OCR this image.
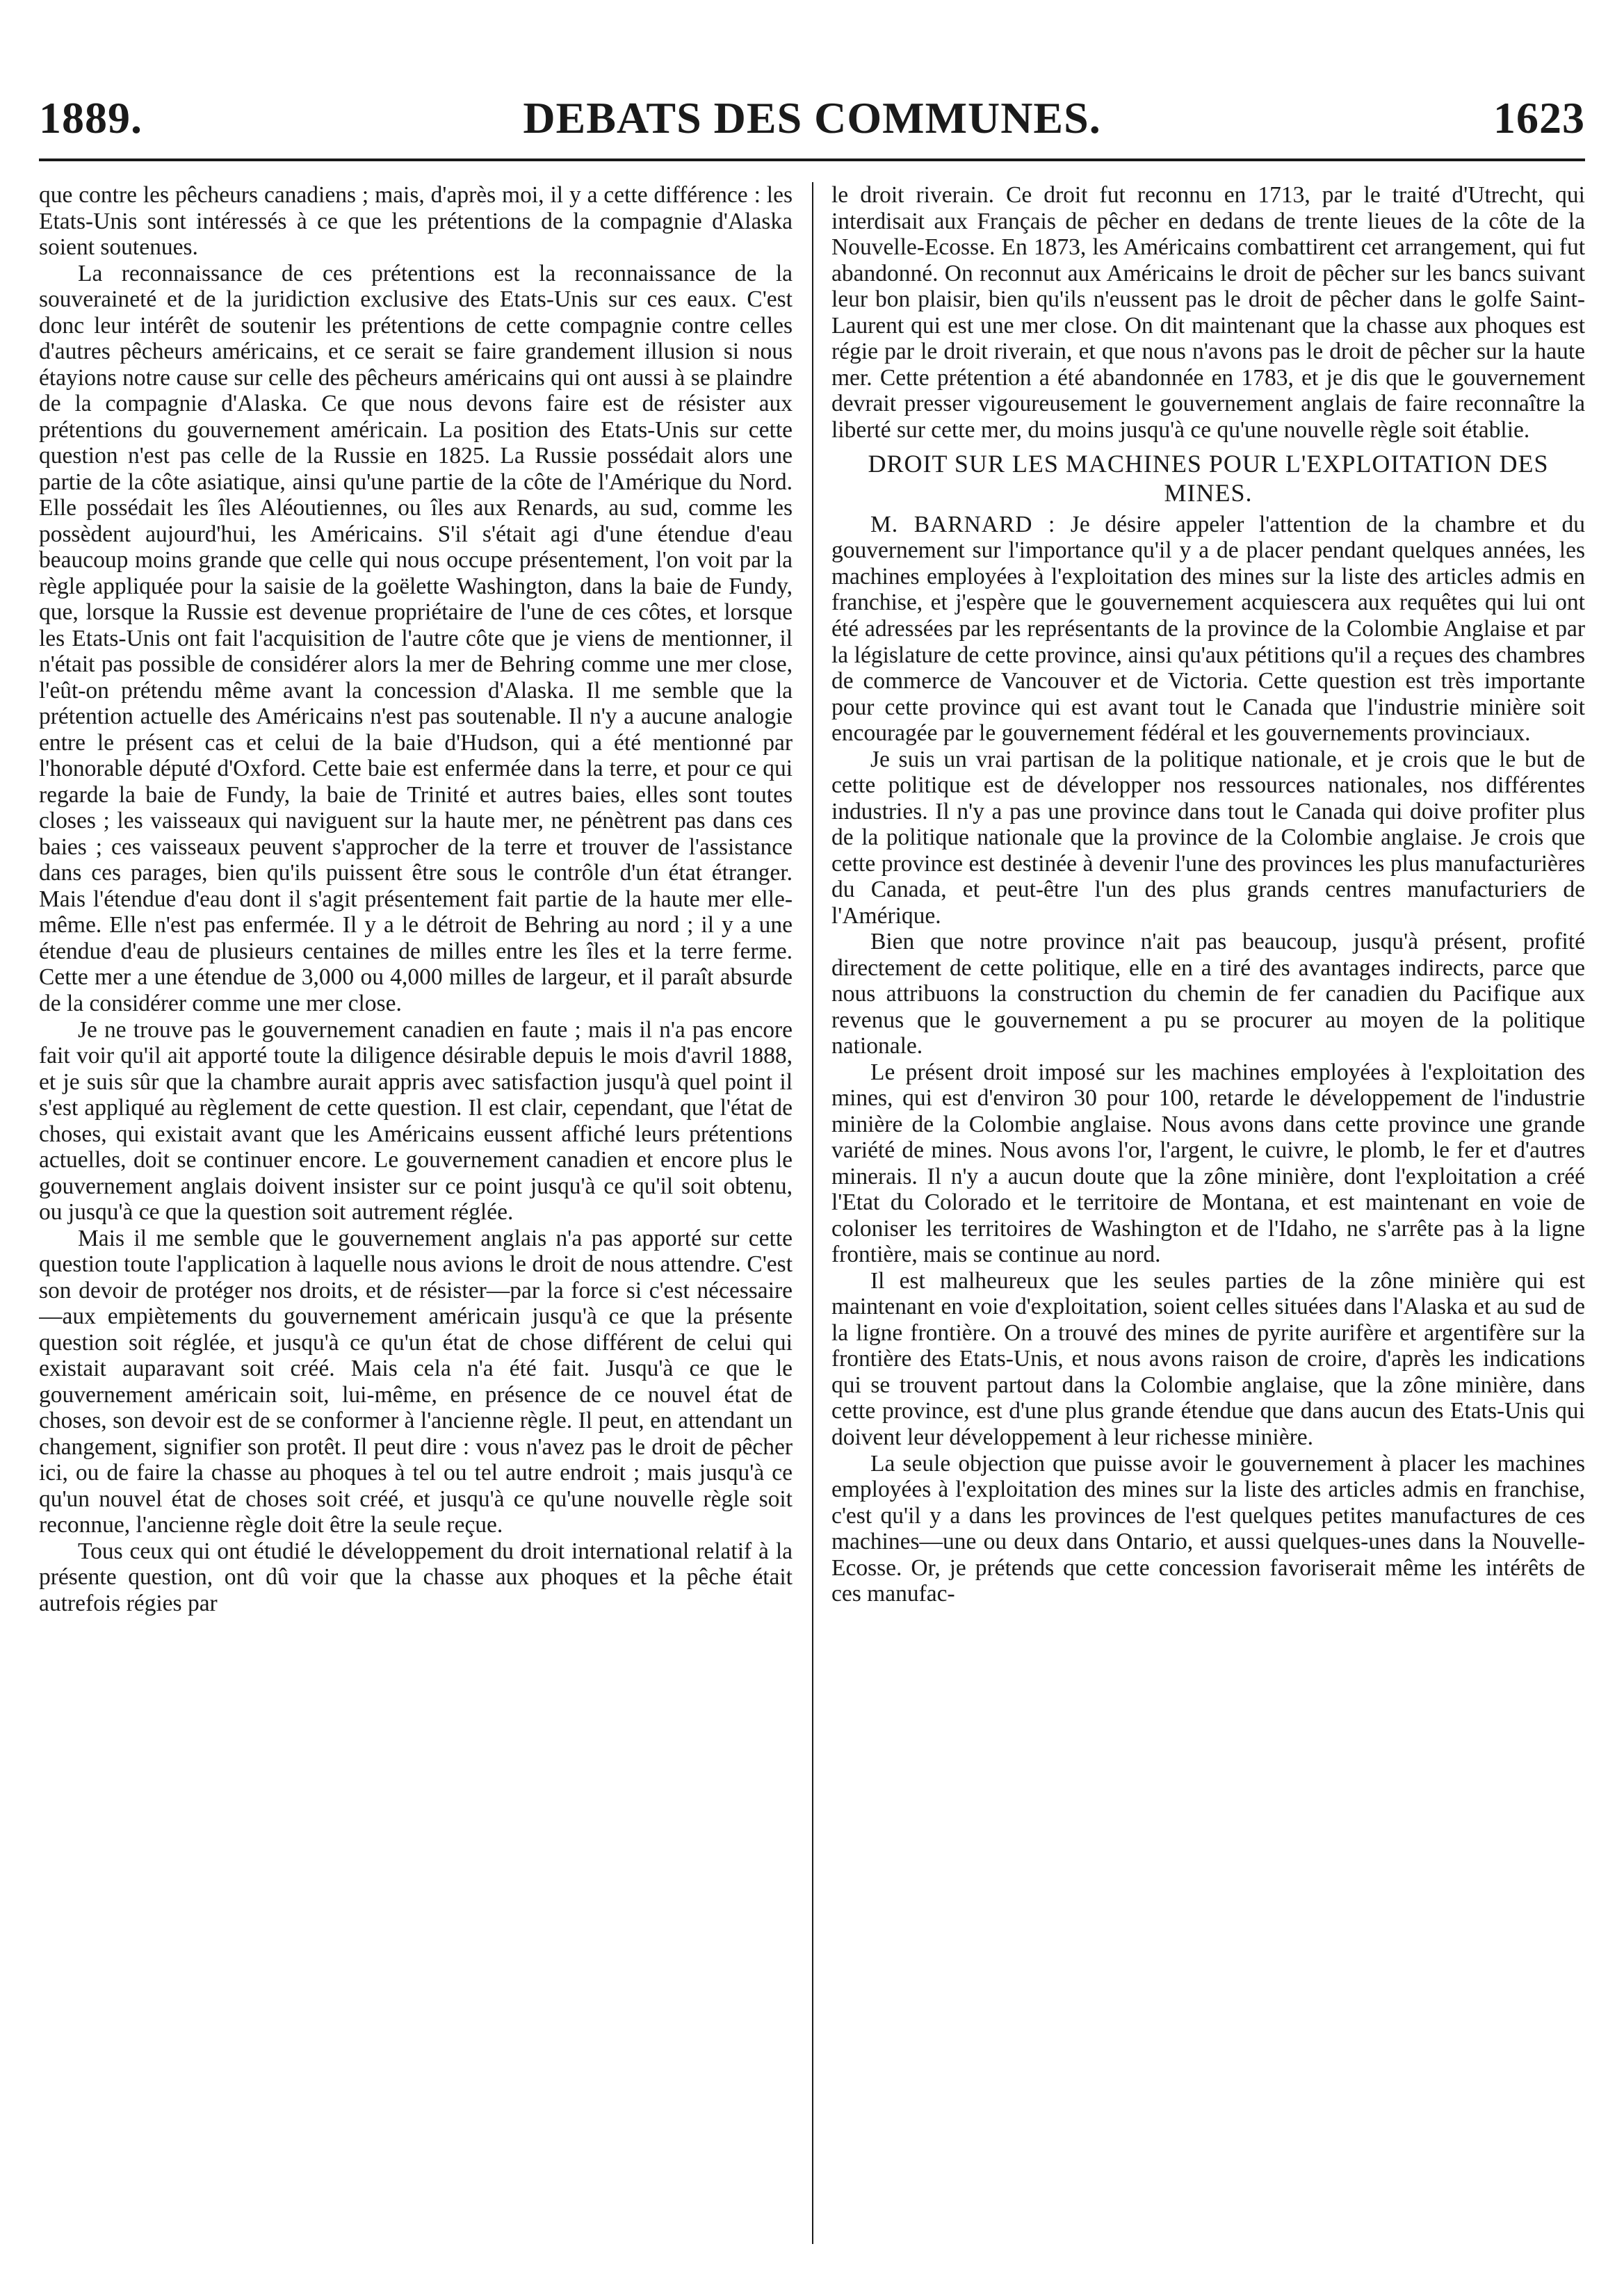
DEBATS DES COMMUNES.
1889.	1623

que contre les pêcheurs canadiens ; mais, d'après moi, il y a cette différence : les Etats-Unis sont intéressés à ce que les prétentions de la compagnie d'Alaska soient soutenues.

La reconnaissance de ces prétentions est la reconnaissance de la souveraineté et de la juridiction exclusive des Etats-Unis sur ces eaux. C'est donc leur intérêt de soutenir les prétentions de cette compagnie contre celles d'autres pêcheurs américains, et ce serait se faire grandement illusion si nous étayions notre cause sur celle des pêcheurs américains qui ont aussi à se plaindre de la compagnie d'Alaska. Ce que nous devons faire est de résister aux prétentions du gouvernement américain. La position des Etats-Unis sur cette question n'est pas celle de la Russie en 1825. La Russie possédait alors une partie de la côte asiatique, ainsi qu'une partie de la côte de l'Amérique du Nord. Elle possédait les îles Aléoutiennes, ou îles aux Renards, au sud, comme les possèdent aujourd'hui, les Américains. S'il s'était agi d'une étendue d'eau beaucoup moins grande que celle qui nous occupe présentement, l'on voit par la règle appliquée pour la saisie de la goëlette Washington, dans la baie de Fundy, que, lorsque la Russie est devenue propriétaire de l'une de ces côtes, et lorsque les Etats-Unis ont fait l'acquisition de l'autre côte que je viens de mentionner, il n'était pas possible de considérer alors la mer de Behring comme une mer close, l'eût-on prétendu même avant la concession d'Alaska. Il me semble que la prétention actuelle des Américains n'est pas soutenable. Il n'y a aucune analogie entre le présent cas et celui de la baie d'Hudson, qui a été mentionné par l'honorable député d'Oxford. Cette baie est enfermée dans la terre, et pour ce qui regarde la baie de Fundy, la baie de Trinité et autres baies, elles sont toutes closes ; les vaisseaux qui naviguent sur la haute mer, ne pénètrent pas dans ces baies ; ces vaisseaux peuvent s'approcher de la terre et trouver de l'assistance dans ces parages, bien qu'ils puissent être sous le contrôle d'un état étranger. Mais l'étendue d'eau dont il s'agit présentement fait partie de la haute mer elle-même. Elle n'est pas enfermée. Il y a le détroit de Behring au nord ; il y a une étendue d'eau de plusieurs centaines de milles entre les îles et la terre ferme. Cette mer a une étendue de 3,000 ou 4,000 milles de largeur, et il paraît absurde de la considérer comme une mer close.

Je ne trouve pas le gouvernement canadien en faute ; mais il n'a pas encore fait voir qu'il ait apporté toute la diligence désirable depuis le mois d'avril 1888, et je suis sûr que la chambre aurait appris avec satisfaction jusqu'à quel point il s'est appliqué au règlement de cette question. Il est clair, cependant, que l'état de choses, qui existait avant que les Américains eussent affiché leurs prétentions actuelles, doit se continuer encore. Le gouvernement canadien et encore plus le gouvernement anglais doivent insister sur ce point jusqu'à ce qu'il soit obtenu, ou jusqu'à ce que la question soit autrement réglée.

Mais il me semble que le gouvernement anglais n'a pas apporté sur cette question toute l'application à laquelle nous avions le droit de nous attendre. C'est son devoir de protéger nos droits, et de résister—par la force si c'est nécessaire—aux empiètements du gouvernement américain jusqu'à ce que la présente question soit réglée, et jusqu'à ce qu'un état de chose différent de celui qui existait auparavant soit créé. Mais cela n'a été fait. Jusqu'à ce que le gouvernement américain soit, lui-même, en présence de ce nouvel état de choses, son devoir est de se conformer à l'ancienne règle. Il peut, en attendant un changement, signifier son protêt. Il peut dire : vous n'avez pas le droit de pêcher ici, ou de faire la chasse au phoques à tel ou tel autre endroit ; mais jusqu'à ce qu'un nouvel état de choses soit créé, et jusqu'à ce qu'une nouvelle règle soit reconnue, l'ancienne règle doit être la seule reçue.

Tous ceux qui ont étudié le développement du droit international relatif à la présente question, ont dû voir que la chasse aux phoques et la pêche était autrefois régies par

le droit riverain. Ce droit fut reconnu en 1713, par le traité d'Utrecht, qui interdisait aux Français de pêcher en dedans de trente lieues de la côte de la Nouvelle-Ecosse. En 1873, les Américains combattirent cet arrangement, qui fut abandonné. On reconnut aux Américains le droit de pêcher sur les bancs suivant leur bon plaisir, bien qu'ils n'eussent pas le droit de pêcher dans le golfe Saint-Laurent qui est une mer close. On dit maintenant que la chasse aux phoques est régie par le droit riverain, et que nous n'avons pas le droit de pêcher sur la haute mer. Cette prétention a été abandonnée en 1783, et je dis que le gouvernement devrait presser vigoureusement le gouvernement anglais de faire reconnaître la liberté sur cette mer, du moins jusqu'à ce qu'une nouvelle règle soit établie.

DROIT SUR LES MACHINES POUR L'EXPLOITATION DES MINES.

M. BARNARD : Je désire appeler l'attention de la chambre et du gouvernement sur l'importance qu'il y a de placer pendant quelques années, les machines employées à l'exploitation des mines sur la liste des articles admis en franchise, et j'espère que le gouvernement acquiescera aux requêtes qui lui ont été adressées par les représentants de la province de la Colombie Anglaise et par la législature de cette province, ainsi qu'aux pétitions qu'il a reçues des chambres de commerce de Vancouver et de Victoria. Cette question est très importante pour cette province qui est avant tout le Canada que l'industrie minière soit encouragée par le gouvernement fédéral et les gouvernements provinciaux.

Je suis un vrai partisan de la politique nationale, et je crois que le but de cette politique est de développer nos ressources nationales, nos différentes industries. Il n'y a pas une province dans tout le Canada qui doive profiter plus de la politique nationale que la province de la Colombie anglaise. Je crois que cette province est destinée à devenir l'une des provinces les plus manufacturières du Canada, et peut-être l'un des plus grands centres manufacturiers de l'Amérique.

Bien que notre province n'ait pas beaucoup, jusqu'à présent, profité directement de cette politique, elle en a tiré des avantages indirects, parce que nous attribuons la construction du chemin de fer canadien du Pacifique aux revenus que le gouvernement a pu se procurer au moyen de la politique nationale.

Le présent droit imposé sur les machines employées à l'exploitation des mines, qui est d'environ 30 pour 100, retarde le développement de l'industrie minière de la Colombie anglaise. Nous avons dans cette province une grande variété de mines. Nous avons l'or, l'argent, le cuivre, le plomb, le fer et d'autres minerais. Il n'y a aucun doute que la zône minière, dont l'exploitation a créé l'Etat du Colorado et le territoire de Montana, et est maintenant en voie de coloniser les territoires de Washington et de l'Idaho, ne s'arrête pas à la ligne frontière, mais se continue au nord.

Il est malheureux que les seules parties de la zône minière qui est maintenant en voie d'exploitation, soient celles situées dans l'Alaska et au sud de la ligne frontière. On a trouvé des mines de pyrite aurifère et argentifère sur la frontière des Etats-Unis, et nous avons raison de croire, d'après les indications qui se trouvent partout dans la Colombie anglaise, que la zône minière, dans cette province, est d'une plus grande étendue que dans aucun des Etats-Unis qui doivent leur développement à leur richesse minière.

La seule objection que puisse avoir le gouvernement à placer les machines employées à l'exploitation des mines sur la liste des articles admis en franchise, c'est qu'il y a dans les provinces de l'est quelques petites manufactures de ces machines—une ou deux dans Ontario, et aussi quelques-unes dans la Nouvelle-Ecosse. Or, je prétends que cette concession favoriserait même les intérêts de ces manufac-
